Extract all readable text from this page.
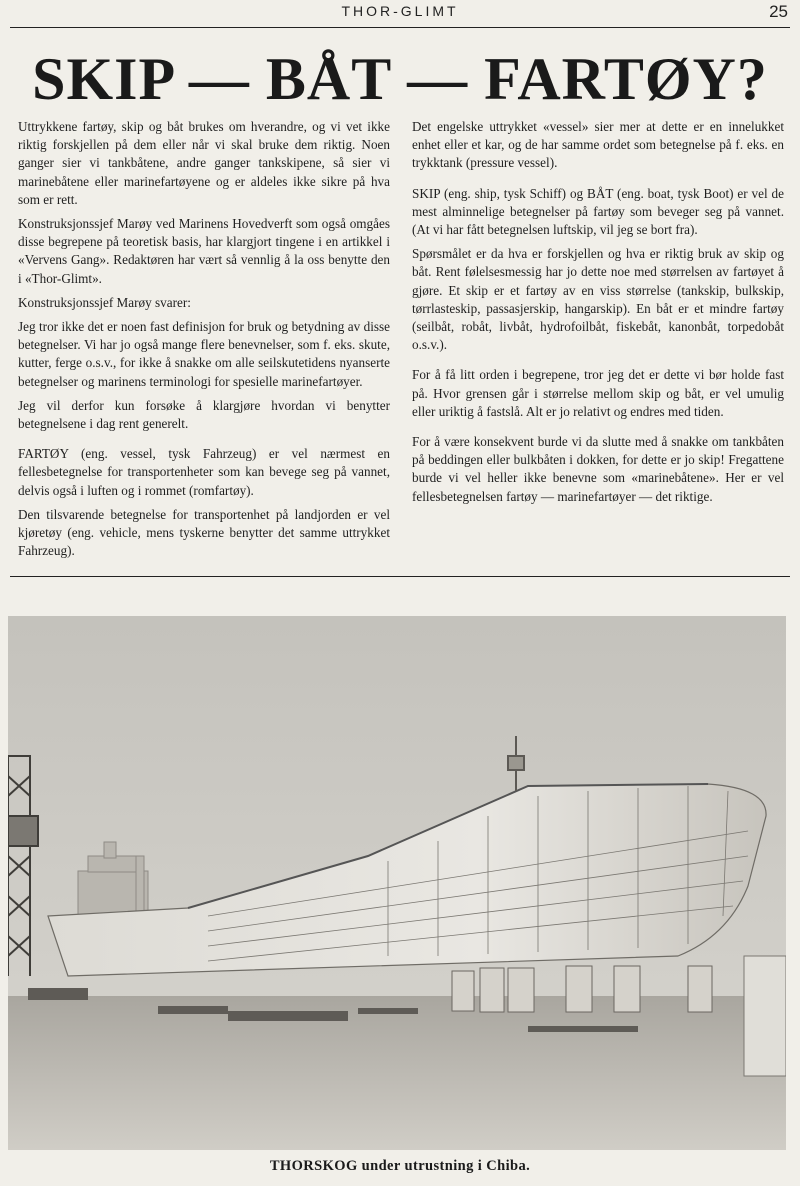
THOR-GLIMT	25
SKIP — BÅT — FARTØY?

Uttrykkene fartøy, skip og båt brukes om hverandre, og vi vet ikke riktig forskjellen på dem eller når vi skal bruke dem riktig. Noen ganger sier vi tankbåtene, andre ganger tankskipene, så sier vi marinebåtene eller marinefartøyene og er aldeles ikke sikre på hva som er rett.

Konstruksjonssjef Marøy ved Marinens Hovedverft som også omgåes disse begrepene på teoretisk basis, har klargjort tingene i en artikkel i «Vervens Gang». Redaktøren har vært så vennlig å la oss benytte den i «Thor-Glimt».

Konstruksjonssjef Marøy svarer:

Jeg tror ikke det er noen fast definisjon for bruk og betydning av disse betegnelser. Vi har jo også mange flere benevnelser, som f. eks. skute, kutter, ferge o.s.v., for ikke å snakke om alle seilskutetidens nyanserte betegnelser og marinens terminologi for spesielle marinefartøyer.

Jeg vil derfor kun forsøke å klargjøre hvordan vi benytter betegnelsene i dag rent generelt.

FARTØY (eng. vessel, tysk Fahrzeug) er vel nærmest en fellesbetegnelse for transportenheter som kan bevege seg på vannet, delvis også i luften og i rommet (romfartøy).

Den tilsvarende betegnelse for transportenhet på landjorden er vel kjøretøy (eng. vehicle, mens tyskerne benytter det samme uttrykket Fahrzeug).

Det engelske uttrykket «vessel» sier mer at dette er en innelukket enhet eller et kar, og de har samme ordet som betegnelse på f. eks. en trykktank (pressure vessel).

SKIP (eng. ship, tysk Schiff) og BÅT (eng. boat, tysk Boot) er vel de mest alminnelige betegnelser på fartøy som beveger seg på vannet. (At vi har fått betegnelsen luftskip, vil jeg se bort fra).

Spørsmålet er da hva er forskjellen og hva er riktig bruk av skip og båt. Rent følelsesmessig har jo dette noe med størrelsen av fartøyet å gjøre. Et skip er et fartøy av en viss størrelse (tankskip, bulkskip, tørrlasteskip, passasjerskip, hangarskip). En båt er et mindre fartøy (seilbåt, robåt, livbåt, hydrofoilbåt, fiskebåt, kanonbåt, torpedobåt o.s.v.).

For å få litt orden i begrepene, tror jeg det er dette vi bør holde fast på. Hvor grensen går i størrelse mellom skip og båt, er vel umulig eller uriktig å fastslå. Alt er jo relativt og endres med tiden.

For å være konsekvent burde vi da slutte med å snakke om tankbåten på beddingen eller bulkbåten i dokken, for dette er jo skip! Fregattene burde vi vel heller ikke benevne som «marinebåtene». Her er vel fellesbetegnelsen fartøy — marinefartøyer — det riktige.

THORSKOG under utrustning i Chiba.
